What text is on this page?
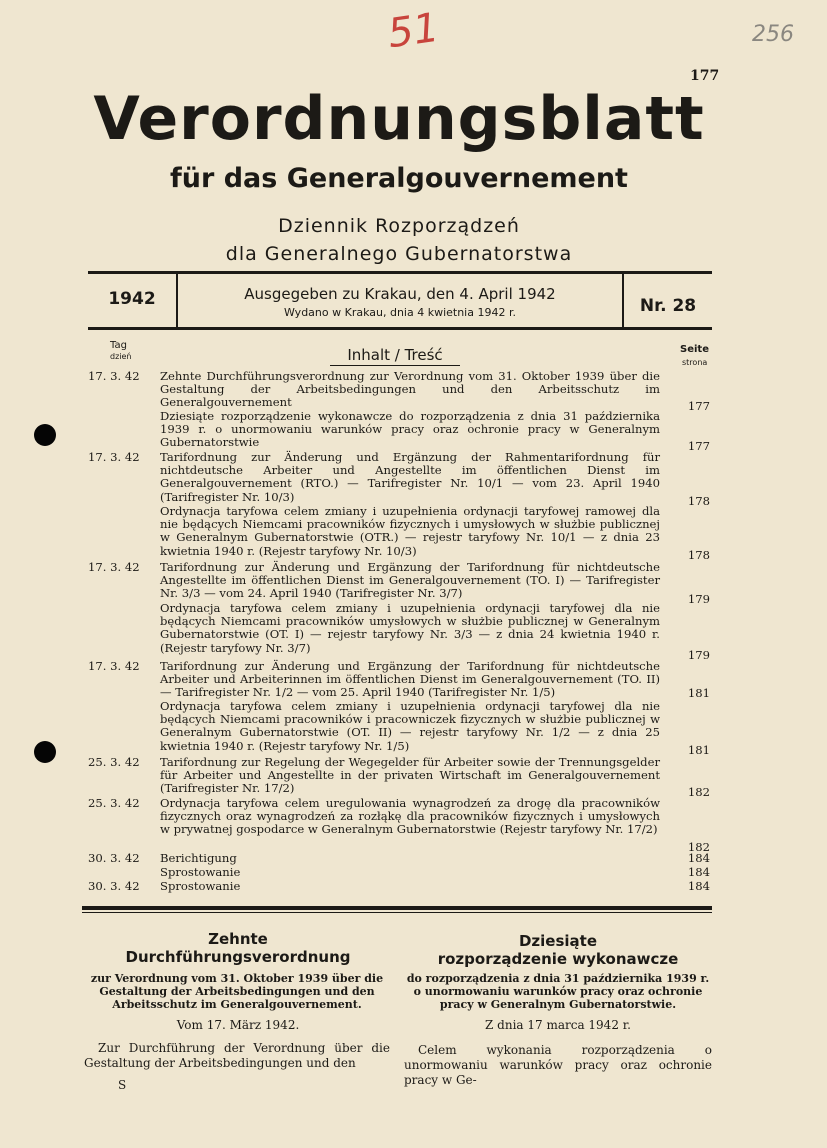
51	256
177
Verordnungsblatt
für das Generalgouvernement
Dziennik Rozporządzeń
dla Generalnego Gubernatorstwa
1942	Ausgegeben zu Krakau, den 4. April 1942
Wydano w Krakau, dnia 4 kwietnia 1942 r.	Nr. 28
Tag
dzień	Inhalt / Treść	Seite
strona
17. 3. 42	Zehnte Durchführungsverordnung zur Verordnung vom 31. Oktober 1939 über die Gestaltung der Arbeitsbedingungen und den Arbeitsschutz im Generalgouvernement	177
Dziesiąte rozporządzenie wykonawcze do rozporządzenia z dnia 31 października 1939 r. o unormowaniu warunków pracy oraz ochronie pracy w Generalnym Gubernatorstwie	177
17. 3. 42	Tarifordnung zur Änderung und Ergänzung der Rahmentarifordnung für nichtdeutsche Arbeiter und Angestellte im öffentlichen Dienst im Generalgouvernement (RTO.) — Tarifregister Nr. 10/1 — vom 23. April 1940 (Tarifregister Nr. 10/3)	178
Ordynacja taryfowa celem zmiany i uzupełnienia ordynacji taryfowej ramowej dla nie będących Niemcami pracowników fizycznych i umysłowych w służbie publicznej w Generalnym Gubernatorstwie (OTR.) — rejestr taryfowy Nr. 10/1 — z dnia 23 kwietnia 1940 r. (Rejestr taryfowy Nr. 10/3)	178
17. 3. 42	Tarifordnung zur Änderung und Ergänzung der Tarifordnung für nichtdeutsche Angestellte im öffentlichen Dienst im Generalgouvernement (TO. I) — Tarifregister Nr. 3/3 — vom 24. April 1940 (Tarifregister Nr. 3/7)	179
Ordynacja taryfowa celem zmiany i uzupełnienia ordynacji taryfowej dla nie będących Niemcami pracowników umysłowych w służbie publicznej w Generalnym Gubernatorstwie (OT. I) — rejestr taryfowy Nr. 3/3 — z dnia 24 kwietnia 1940 r. (Rejestr taryfowy Nr. 3/7)
179
17. 3. 42	Tarifordnung zur Änderung und Ergänzung der Tarifordnung für nichtdeutsche Arbeiter und Arbeiterinnen im öffentlichen Dienst im Generalgouvernement (TO. II) — Tarifregister Nr. 1/2 — vom 25. April 1940 (Tarifregister Nr. 1/5)	181
Ordynacja taryfowa celem zmiany i uzupełnienia ordynacji taryfowej dla nie będących Niemcami pracowników i pracowniczek fizycznych w służbie publicznej w Generalnym Gubernatorstwie (OT. II) — rejestr taryfowy Nr. 1/2 — z dnia 25 kwietnia 1940 r. (Rejestr taryfowy Nr. 1/5)	181
25. 3. 42	Tarifordnung zur Regelung der Wegegelder für Arbeiter sowie der Trennungsgelder für Arbeiter und Angestellte in der privaten Wirtschaft im Generalgouvernement (Tarifregister Nr. 17/2)	182
25. 3. 42	Ordynacja taryfowa celem uregulowania wynagrodzeń za drogę dla pracowników fizycznych oraz wynagrodzeń za rozłąkę dla pracowników fizycznych i umysłowych w prywatnej gospodarce w Generalnym Gubernatorstwie (Rejestr taryfowy Nr. 17/2)
182
30. 3. 42	Berichtigung	184
Sprostowanie	184
30. 3. 42	Sprostowanie	184
Zehnte
Durchführungsverordnung
zur Verordnung vom 31. Oktober 1939 über die Gestaltung der Arbeitsbedingungen und den Arbeitsschutz im Generalgouvernement.
Vom 17. März 1942.
Zur Durchführung der Verordnung über die Gestaltung der Arbeitsbedingungen und den
Dziesiąte
rozporządzenie wykonawcze
do rozporządzenia z dnia 31 października 1939 r. o unormowaniu warunków pracy oraz ochronie pracy w Generalnym Gubernatorstwie.
Z dnia 17 marca 1942 r.
Celem wykonania rozporządzenia o unormowaniu warunków pracy oraz ochronie pracy w Ge-
S
